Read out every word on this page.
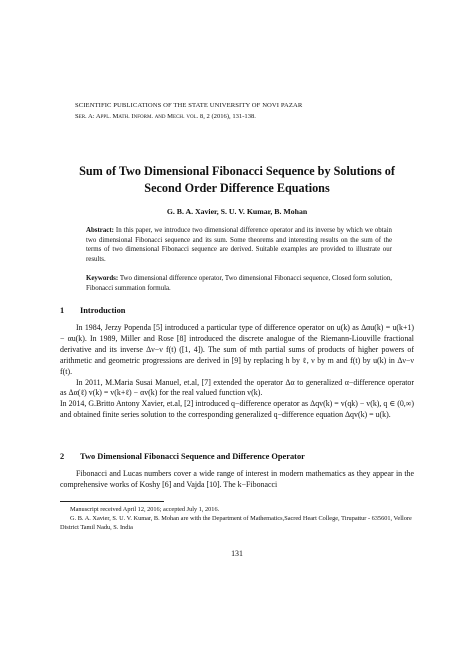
SCIENTIFIC PUBLICATIONS OF THE STATE UNIVERSITY OF NOVI PAZAR
Ser. A: Appl. Math. Inform. and Mech. vol. 8, 2 (2016), 131-138.
Sum of Two Dimensional Fibonacci Sequence by Solutions of
Second Order Difference Equations
G. B. A. Xavier, S. U. V. Kumar, B. Mohan
Abstract: In this paper, we introduce two dimensional difference operator and its inverse by which we obtain two dimensional Fibonacci sequence and its sum. Some theorems and interesting results on the sum of the terms of two dimensional Fibonacci sequence are derived. Suitable examples are provided to illustrate our results.
Keywords: Two dimensional difference operator, Two dimensional Fibonacci sequence, Closed form solution, Fibonacci summation formula.
1 Introduction

In 1984, Jerzy Popenda [5] introduced a particular type of difference operator on u(k) as Δαu(k) = u(k+1) − αu(k). In 1989, Miller and Rose [8] introduced the discrete analogue of the Riemann-Liouville fractional derivative and its inverse Δν−ν f(t) ([1, 4]). The sum of mth partial sums of products of higher powers of arithmetic and geometric progressions are derived in [9] by replacing h by ℓ, ν by m and f(t) by u(k) in Δν−ν f(t).

In 2011, M.Maria Susai Manuel, et.al, [7] extended the operator Δα to generalized α−difference operator as Δα(ℓ) v(k) = v(k+ℓ) − αv(k) for the real valued function v(k).

In 2014, G.Britto Antony Xavier, et.al, [2] introduced q−difference operator as Δqv(k) = v(qk) − v(k), q ∈ (0,∞) and obtained finite series solution to the corresponding generalized q−difference equation Δqv(k) = u(k).

2 Two Dimensional Fibonacci Sequence and Difference Operator

Fibonacci and Lucas numbers cover a wide range of interest in modern mathematics as they appear in the comprehensive works of Koshy [6] and Vajda [10]. The k−Fibonacci

Manuscript received April 12, 2016; accepted July 1, 2016.

G. B. A. Xavier, S. U. V. Kumar, B. Mohan are with the Department of Mathematics,Sacred Heart College, Tirupattur - 635601, Vellore District Tamil Nadu, S. India

131
